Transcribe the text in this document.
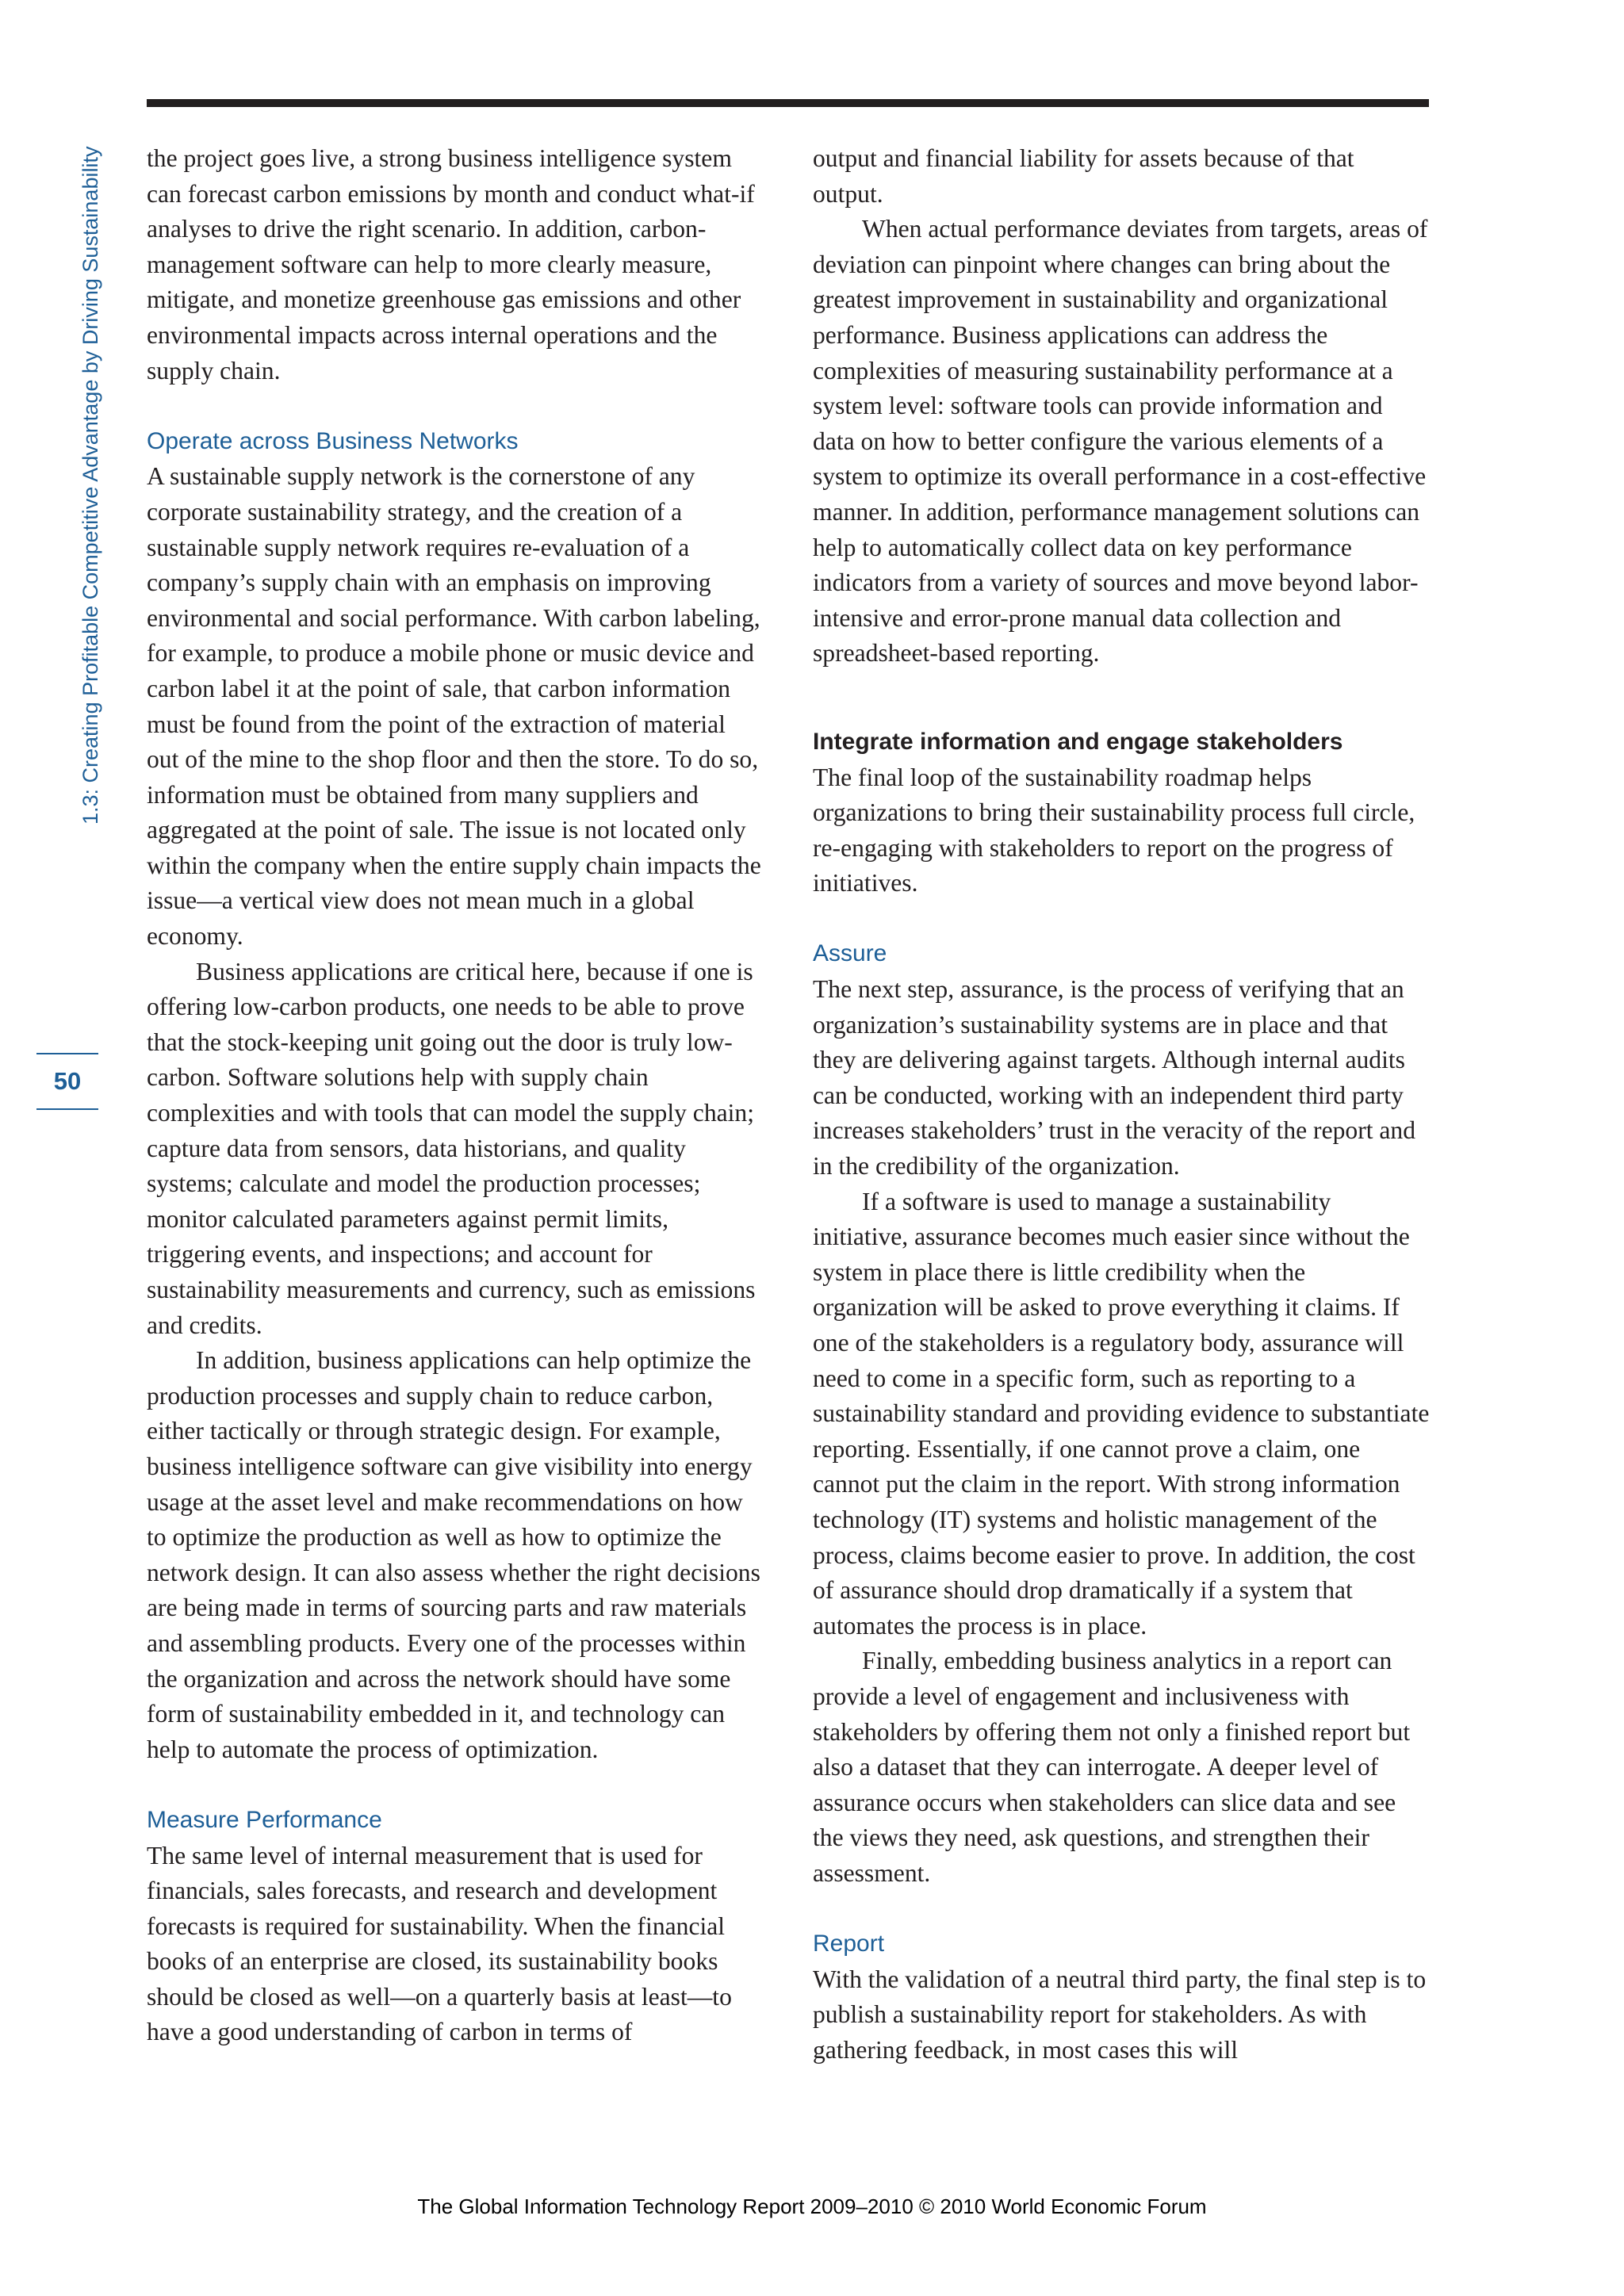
1.3: Creating Profitable Competitive Advantage by Driving Sustainability
50

the project goes live, a strong business intelligence system can forecast carbon emissions by month and conduct what-if analyses to drive the right scenario. In addition, carbon-management software can help to more clearly measure, mitigate, and monetize greenhouse gas emissions and other environmental impacts across internal operations and the supply chain.

Operate across Business Networks

A sustainable supply network is the cornerstone of any corporate sustainability strategy, and the creation of a sustainable supply network requires re-evaluation of a company’s supply chain with an emphasis on improving environmental and social performance. With carbon labeling, for example, to produce a mobile phone or music device and carbon label it at the point of sale, that carbon information must be found from the point of the extraction of material out of the mine to the shop floor and then the store. To do so, information must be obtained from many suppliers and aggregated at the point of sale. The issue is not located only within the company when the entire supply chain impacts the issue—a vertical view does not mean much in a global economy.

Business applications are critical here, because if one is offering low-carbon products, one needs to be able to prove that the stock-keeping unit going out the door is truly low-carbon. Software solutions help with supply chain complexities and with tools that can model the supply chain; capture data from sensors, data historians, and quality systems; calculate and model the production processes; monitor calculated parameters against permit limits, triggering events, and inspections; and account for sustainability measurements and currency, such as emissions and credits.

In addition, business applications can help optimize the production processes and supply chain to reduce carbon, either tactically or through strategic design. For example, business intelligence software can give visibility into energy usage at the asset level and make recommendations on how to optimize the production as well as how to optimize the network design. It can also assess whether the right decisions are being made in terms of sourcing parts and raw materials and assembling products. Every one of the processes within the organization and across the network should have some form of sustainability embedded in it, and technology can help to automate the process of optimization.

Measure Performance

The same level of internal measurement that is used for financials, sales forecasts, and research and development forecasts is required for sustainability. When the financial books of an enterprise are closed, its sustainability books should be closed as well—on a quarterly basis at least—to have a good understanding of carbon in terms of

output and financial liability for assets because of that output.

When actual performance deviates from targets, areas of deviation can pinpoint where changes can bring about the greatest improvement in sustainability and organizational performance. Business applications can address the complexities of measuring sustainability performance at a system level: software tools can provide information and data on how to better configure the various elements of a system to optimize its overall performance in a cost-effective manner. In addition, performance management solutions can help to automatically collect data on key performance indicators from a variety of sources and move beyond labor-intensive and error-prone manual data collection and spreadsheet-based reporting.

Integrate information and engage stakeholders

The final loop of the sustainability roadmap helps organizations to bring their sustainability process full circle, re-engaging with stakeholders to report on the progress of initiatives.

Assure

The next step, assurance, is the process of verifying that an organization’s sustainability systems are in place and that they are delivering against targets. Although internal audits can be conducted, working with an independent third party increases stakeholders’ trust in the veracity of the report and in the credibility of the organization.

If a software is used to manage a sustainability initiative, assurance becomes much easier since without the system in place there is little credibility when the organization will be asked to prove everything it claims. If one of the stakeholders is a regulatory body, assurance will need to come in a specific form, such as reporting to a sustainability standard and providing evidence to substantiate reporting. Essentially, if one cannot prove a claim, one cannot put the claim in the report. With strong information technology (IT) systems and holistic management of the process, claims become easier to prove. In addition, the cost of assurance should drop dramatically if a system that automates the process is in place.

Finally, embedding business analytics in a report can provide a level of engagement and inclusiveness with stakeholders by offering them not only a finished report but also a dataset that they can interrogate. A deeper level of assurance occurs when stakeholders can slice data and see the views they need, ask questions, and strengthen their assessment.

Report

With the validation of a neutral third party, the final step is to publish a sustainability report for stakeholders. As with gathering feedback, in most cases this will

The Global Information Technology Report 2009–2010 © 2010 World Economic Forum
